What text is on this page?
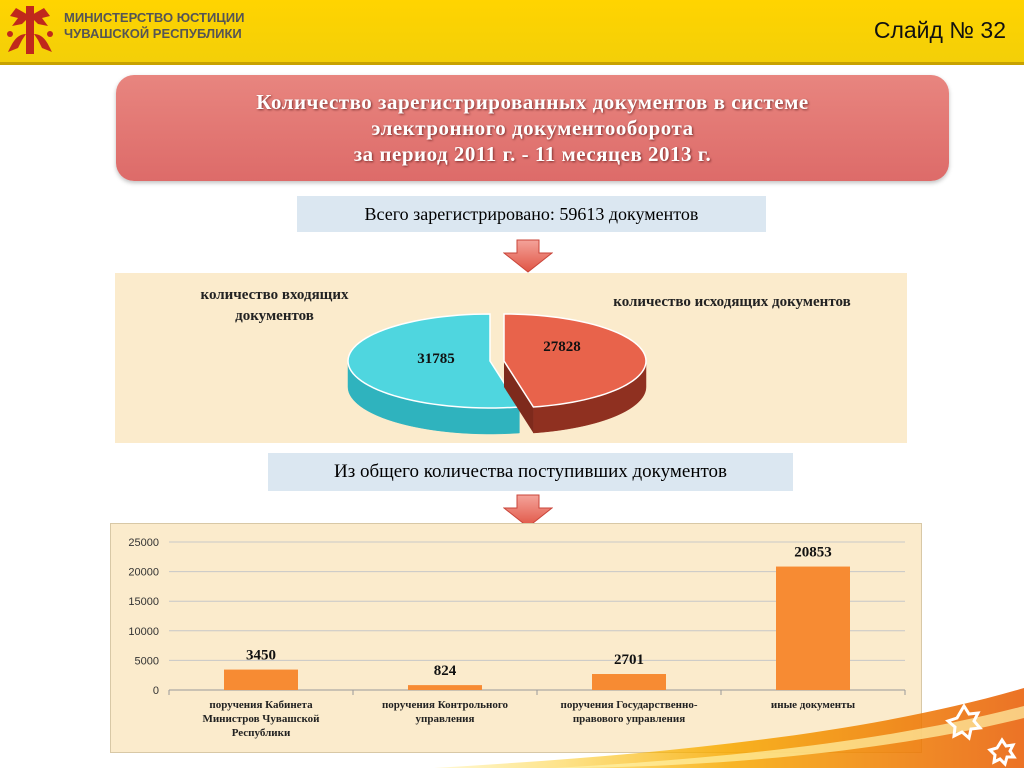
МИНИСТЕРСТВО ЮСТИЦИИ
ЧУВАШСКОЙ РЕСПУБЛИКИ	Слайд № 32
Количество зарегистрированных документов в системе
электронного документооборота
за период 2011 г. - 11 месяцев 2013 г.
Всего зарегистрировано: 59613 документов
количество входящих
документов
количество исходящих документов
31785
27828
Из общего количества поступивших документов
0
5000
10000
15000
20000
25000
3450
поручения Кабинета Министров Чувашской Республики
824
поручения Контрольного управления
2701
поручения Государственно-правового управления
20853
иные документы
